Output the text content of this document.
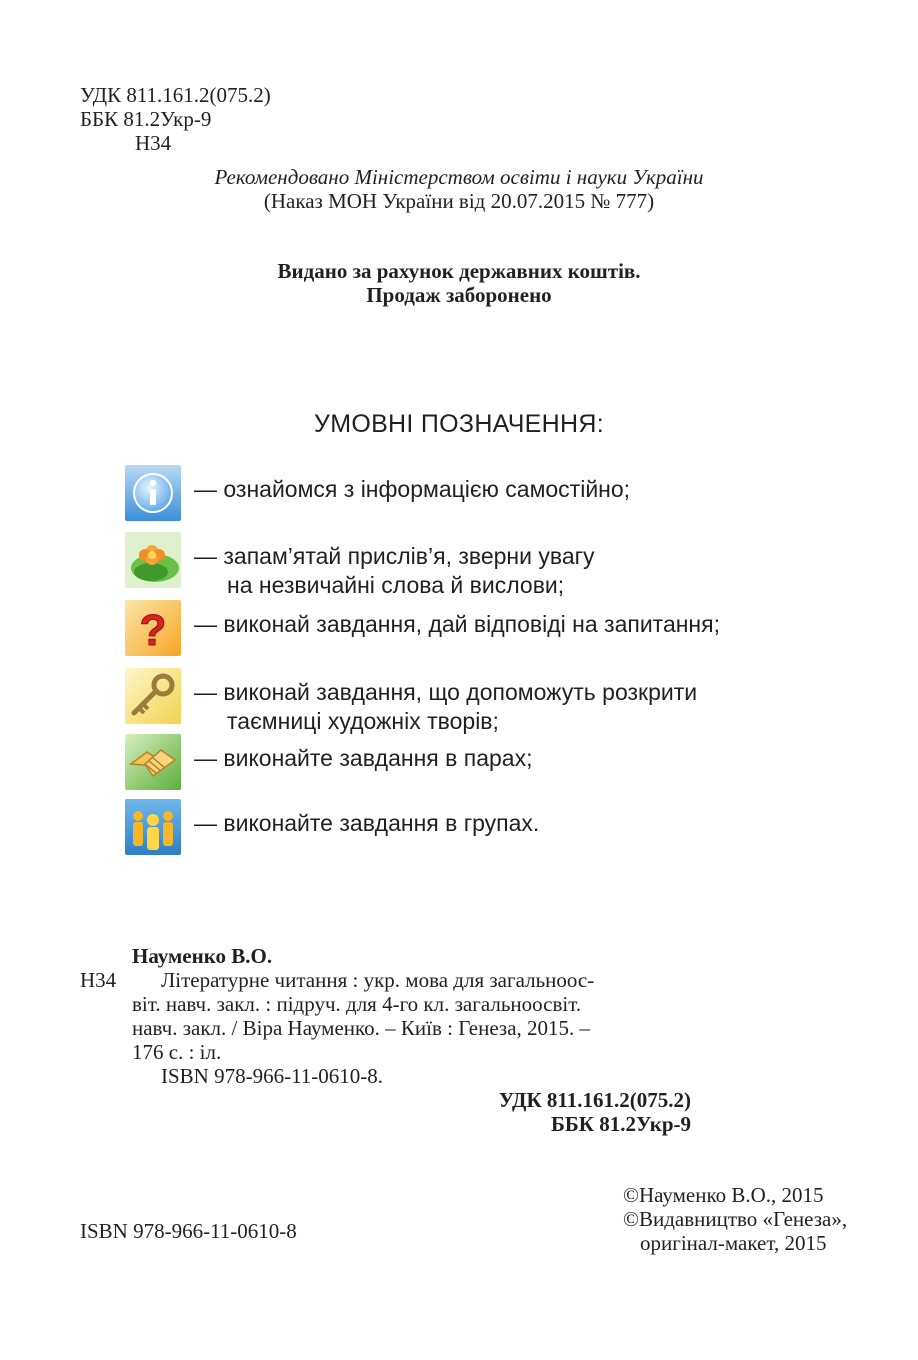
УДК 811.161.2(075.2)
ББК 81.2Укр-9
Н34
Рекомендовано Міністерством освіти і науки України
(Наказ МОН України від 20.07.2015 № 777)
Видано за рахунок державних коштів.
Продаж заборонено
УМОВНІ ПОЗНАЧЕННЯ:
— ознайомся з інформацією самостійно;
— запам’ятай прислів’я, зверни увагу
на незвичайні слова й вислови;
? — виконай завдання, дай відповіді на запитання;
— виконай завдання, що допоможуть розкрити
таємниці художніх творів;
— виконайте завдання в парах;
— виконайте завдання в групах.
Науменко В.О.
Н34 Літературне читання : укр. мова для загальноос-
віт. навч. закл. : підруч. для 4-го кл. загальноосвіт.
навч. закл. / Віра Науменко. – Київ : Генеза, 2015. –
176 с. : іл.
ISBN 978-966-11-0610-8.
УДК 811.161.2(075.2)
ББК 81.2Укр-9
ISBN 978-966-11-0610-8
©Науменко В.О., 2015
©Видавництво «Генеза»,
оригінал-макет, 2015
